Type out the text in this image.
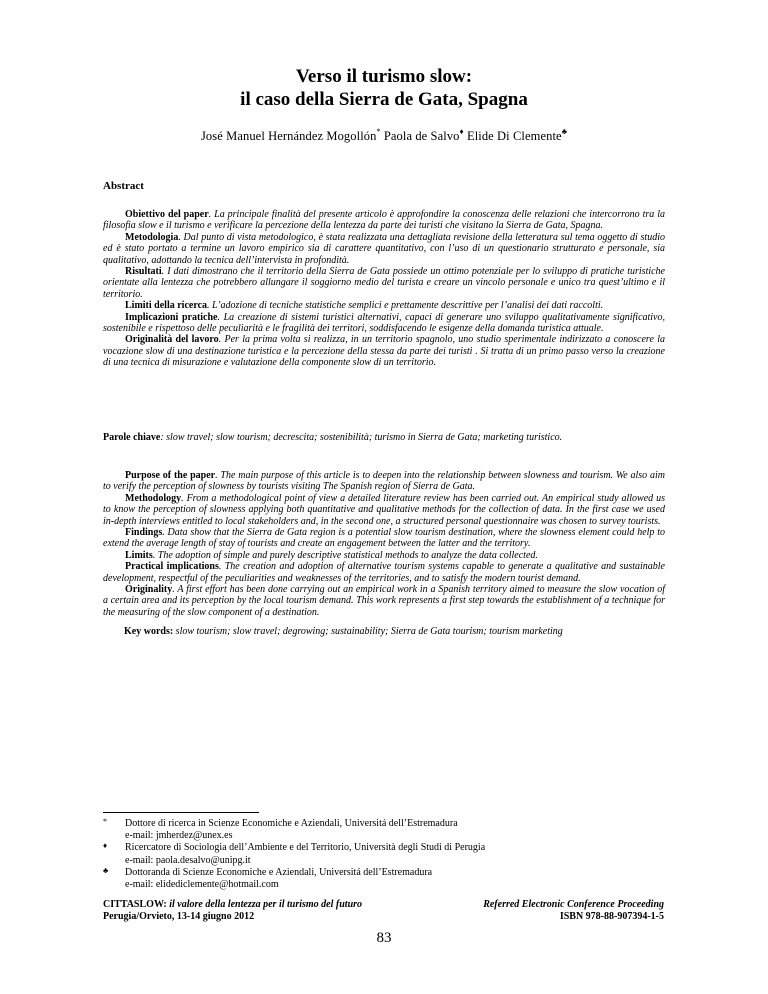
Verso il turismo slow:
il caso della Sierra de Gata, Spagna
José Manuel Hernández Mogollón* Paola de Salvo♦ Elide Di Clemente♣
Abstract

Obiettivo del paper. La principale finalità del presente articolo è approfondire la conoscenza delle relazioni che intercorrono tra la filosofia slow e il turismo e verificare la percezione della lentezza da parte dei turisti che visitano la Sierra de Gata, Spagna.

Metodologia. Dal punto di vista metodologico, è stata realizzata una dettagliata revisione della letteratura sul tema oggetto di studio ed è stato portato a termine un lavoro empirico sia di carattere quantitativo, con l’uso di un questionario strutturato e personale, sia qualitativo, adottando la tecnica dell’intervista in profondità.

Risultati. I dati dimostrano che il territorio della Sierra de Gata possiede un ottimo potenziale per lo sviluppo di pratiche turistiche orientate alla lentezza che potrebbero allungare il soggiorno medio del turista e creare un vincolo personale e unico tra quest’ultimo e il territorio.

Limiti della ricerca. L’adozione di tecniche statistiche semplici e prettamente descrittive per l’analisi dei dati raccolti.

Implicazioni pratiche. La creazione di sistemi turistici alternativi, capaci di generare uno sviluppo qualitativamente significativo, sostenibile e rispettoso delle peculiarità e le fragilità dei territori, soddisfacendo le esigenze della domanda turistica attuale.

Originalità del lavoro. Per la prima volta si realizza, in un territorio spagnolo, uno studio sperimentale indirizzato a conoscere la vocazione slow di una destinazione turistica e la percezione della stessa da parte dei turisti . Si tratta di un primo passo verso la creazione di una tecnica di misurazione e valutazione della componente slow di un territorio.

Parole chiave: slow travel; slow tourism; decrescita; sostenibilità; turismo in Sierra de Gata; marketing turistico.

Purpose of the paper. The main purpose of this article is to deepen into the relationship between slowness and tourism. We also aim to verify the perception of slowness by tourists visiting The Spanish region of Sierra de Gata.

Methodology. From a methodological point of view a detailed literature review has been carried out. An empirical study allowed us to know the perception of slowness applying both quantitative and qualitative methods for the collection of data. In the first case we used in-depth interviews entitled to local stakeholders and, in the second one, a structured personal questionnaire was chosen to survey tourists.

Findings. Data show that the Sierra de Gata region is a potential slow tourism destination, where the slowness element could help to extend the average length of stay of tourists and create an engagement between the latter and the territory.

Limits. The adoption of simple and purely descriptive statistical methods to analyze the data collected.

Practical implications. The creation and adoption of alternative tourism systems capable to generate a qualitative and sustainable development, respectful of the peculiarities and weaknesses of the territories, and to satisfy the modern tourist demand.

Originality. A first effort has been done carrying out an empirical work in a Spanish territory aimed to measure the slow vocation of a certain area and its perception by the local tourism demand. This work represents a first step towards the establishment of a technique for the measuring of the slow component of a destination.

Key words: slow tourism; slow travel; degrowing; sustainability; Sierra de Gata tourism; tourism marketing
* Dottore di ricerca in Scienze Economiche e Aziendali, Universitá dell’Estremadura
e-mail: jmherdez@unex.es
♦ Ricercatore di Sociologia dell’Ambiente e del Territorio, Università degli Studi di Perugia
e-mail: paola.desalvo@unipg.it
♣ Dottoranda di Scienze Economiche e Aziendali, Universitá dell’Estremadura
e-mail: elidediclemente@hotmail.com
CITTASLOW: il valore della lentezza per il turismo del futuro
Perugia/Orvieto, 13-14 giugno 2012
Referred Electronic Conference Proceeding
ISBN 978-88-907394-1-5
83
